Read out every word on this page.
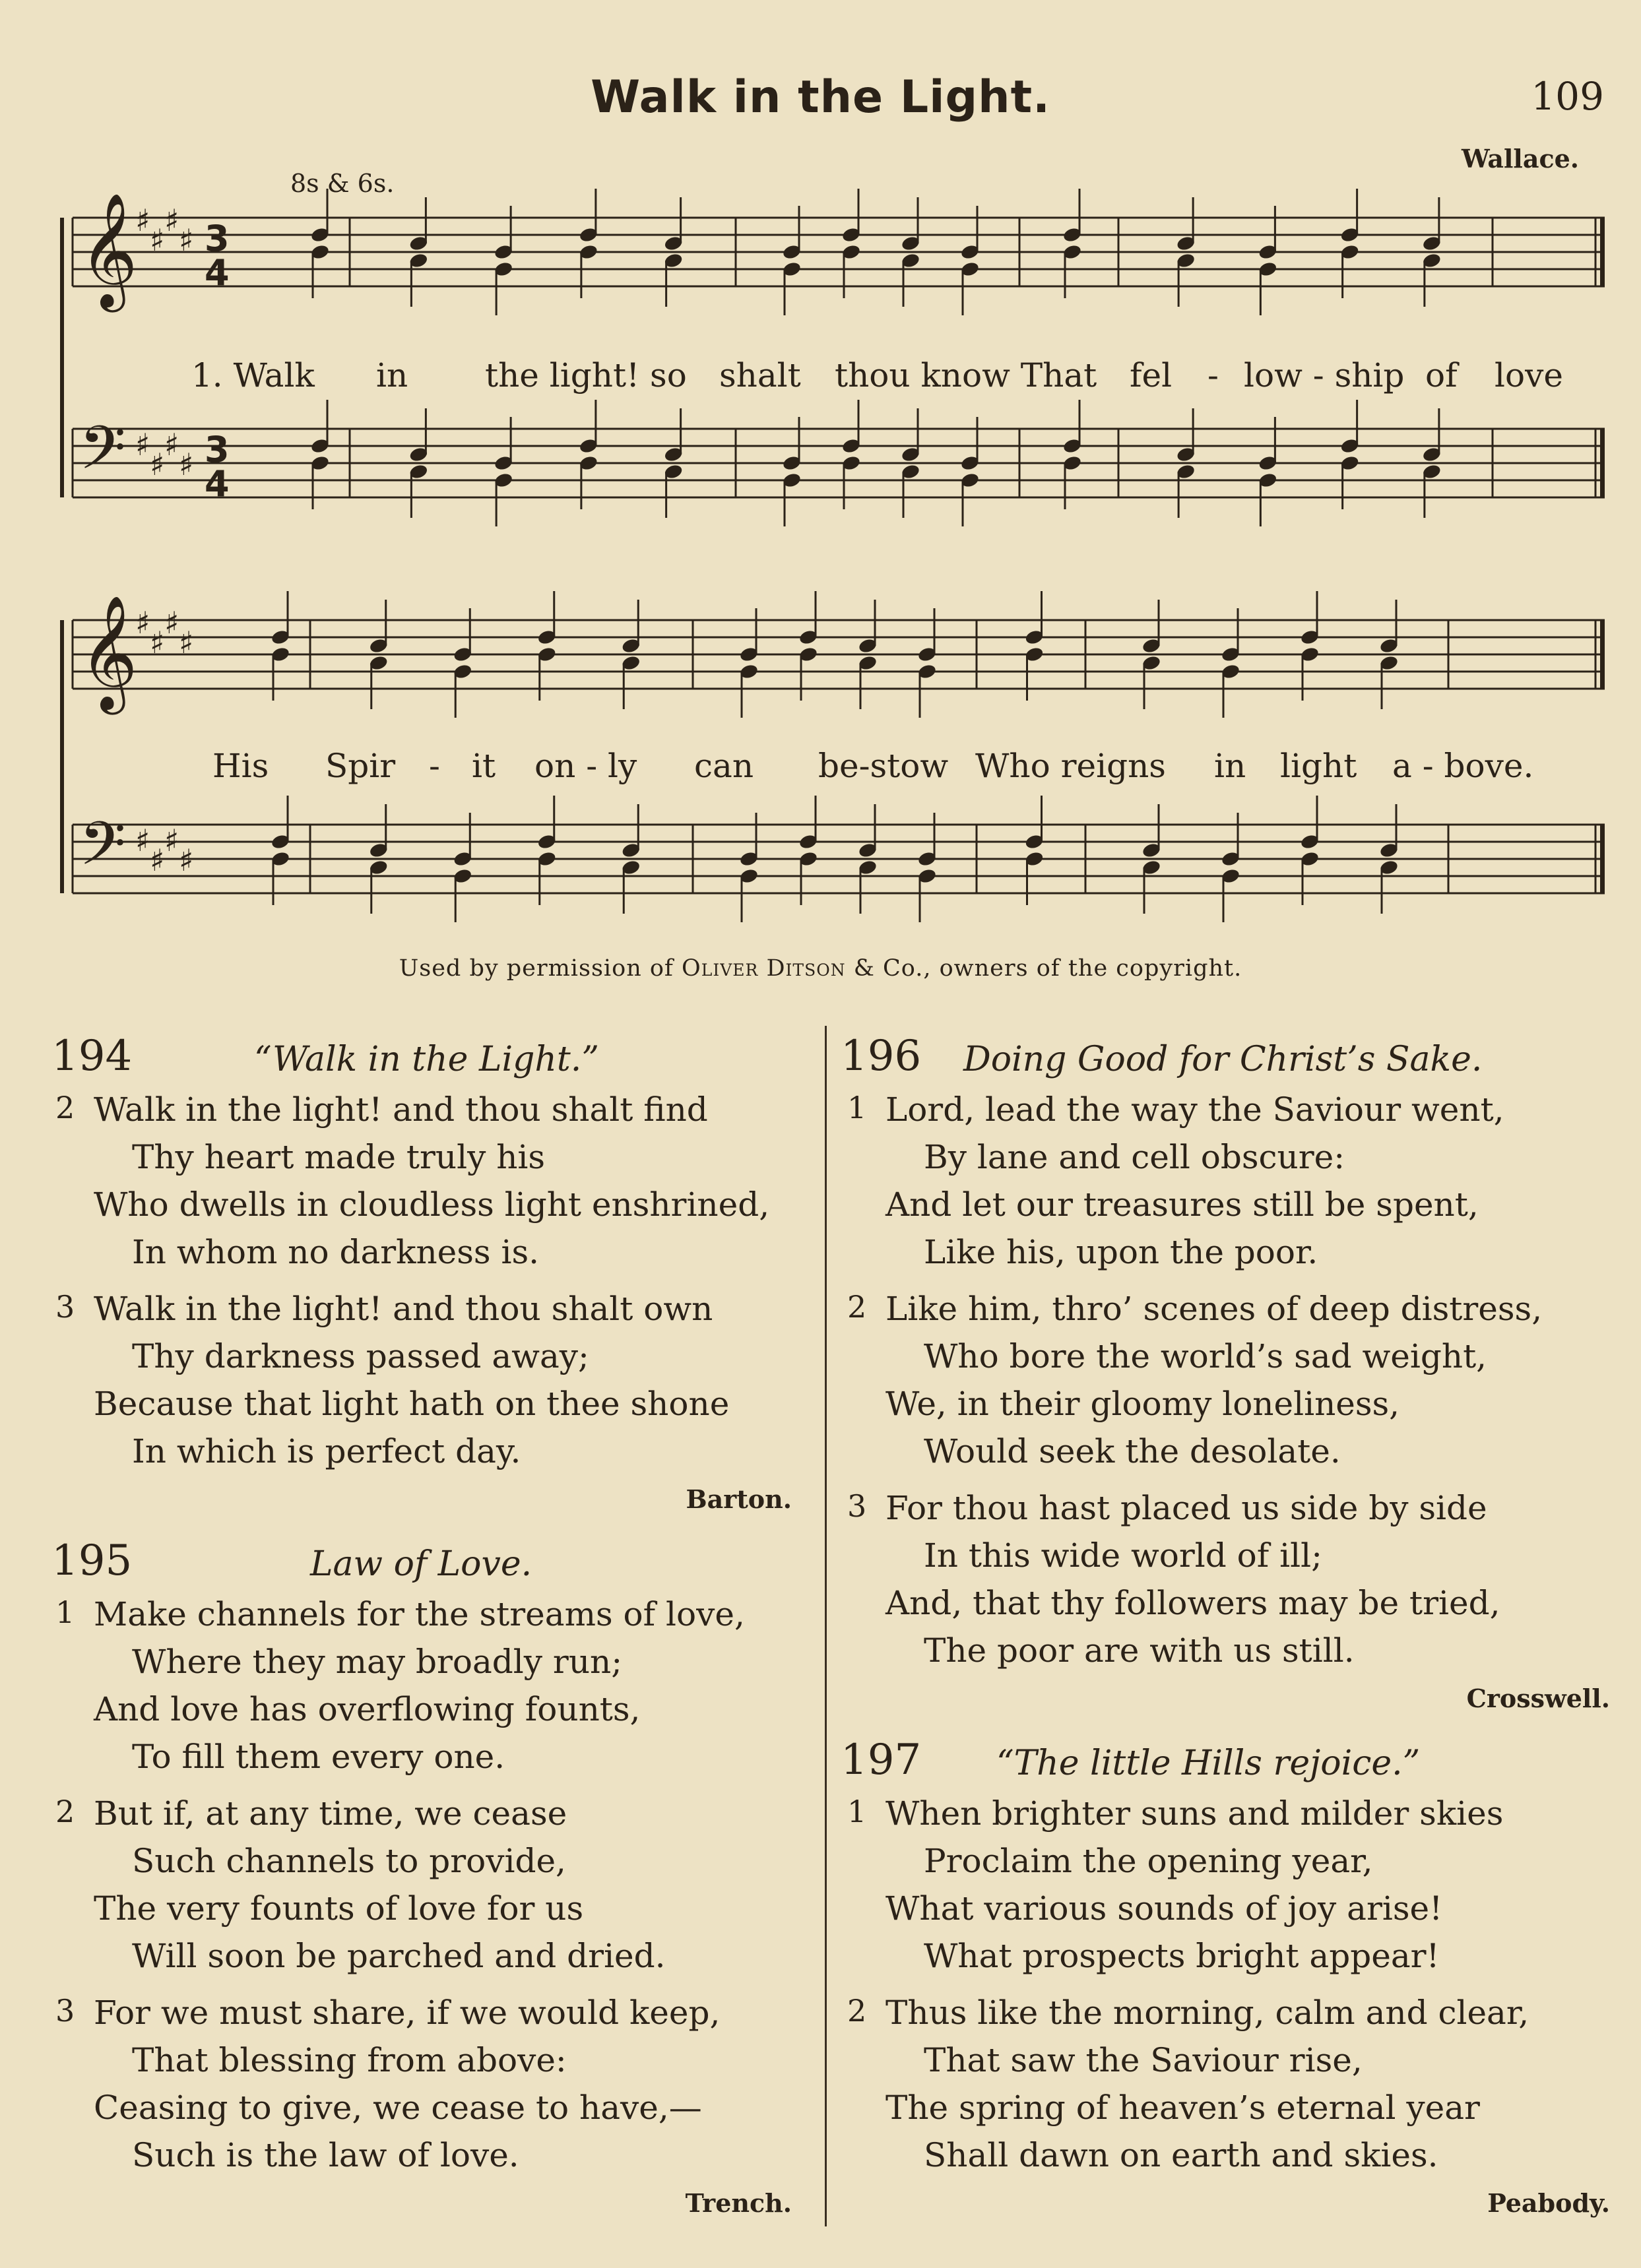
Walk in the Light.	109
8s & 6s.
Wallace.
𝄞
♯
♯
♯
♯ 3
4
𝄢 ♯
♯
♯
♯ 3
4
𝄞
♯
♯
♯
♯
𝄢 ♯
♯
♯
♯
1. Walk in the light! so shalt thou know That fel - low - ship of love
His Spir - it on - ly can be-stow Who reigns in light a - bove.
Used by permission of Oliver Ditson & Co., owners of the copyright.
194	“Walk in the Light.”
2 Walk in the light! and thou shalt find
Thy heart made truly his
Who dwells in cloudless light enshrined,
In whom no darkness is.
3 Walk in the light! and thou shalt own
Thy darkness passed away;
Because that light hath on thee shone
In which is perfect day.
Barton.
195	Law of Love.
1 Make channels for the streams of love,
Where they may broadly run;
And love has overflowing founts,
To fill them every one.
2 But if, at any time, we cease
Such channels to provide,
The very founts of love for us
Will soon be parched and dried.
3 For we must share, if we would keep,
That blessing from above:
Ceasing to give, we cease to have,—
Such is the law of love.
Trench.
196 Doing Good for Christ’s Sake.
1 Lord, lead the way the Saviour went,
By lane and cell obscure:
And let our treasures still be spent,
Like his, upon the poor.
2 Like him, thro’ scenes of deep distress,
Who bore the world’s sad weight,
We, in their gloomy loneliness,
Would seek the desolate.
3 For thou hast placed us side by side
In this wide world of ill;
And, that thy followers may be tried,
The poor are with us still.
Crosswell.
197 “The little Hills rejoice.”
1 When brighter suns and milder skies
Proclaim the opening year,
What various sounds of joy arise!
What prospects bright appear!
2 Thus like the morning, calm and clear,
That saw the Saviour rise,
The spring of heaven’s eternal year
Shall dawn on earth and skies.
Peabody.
